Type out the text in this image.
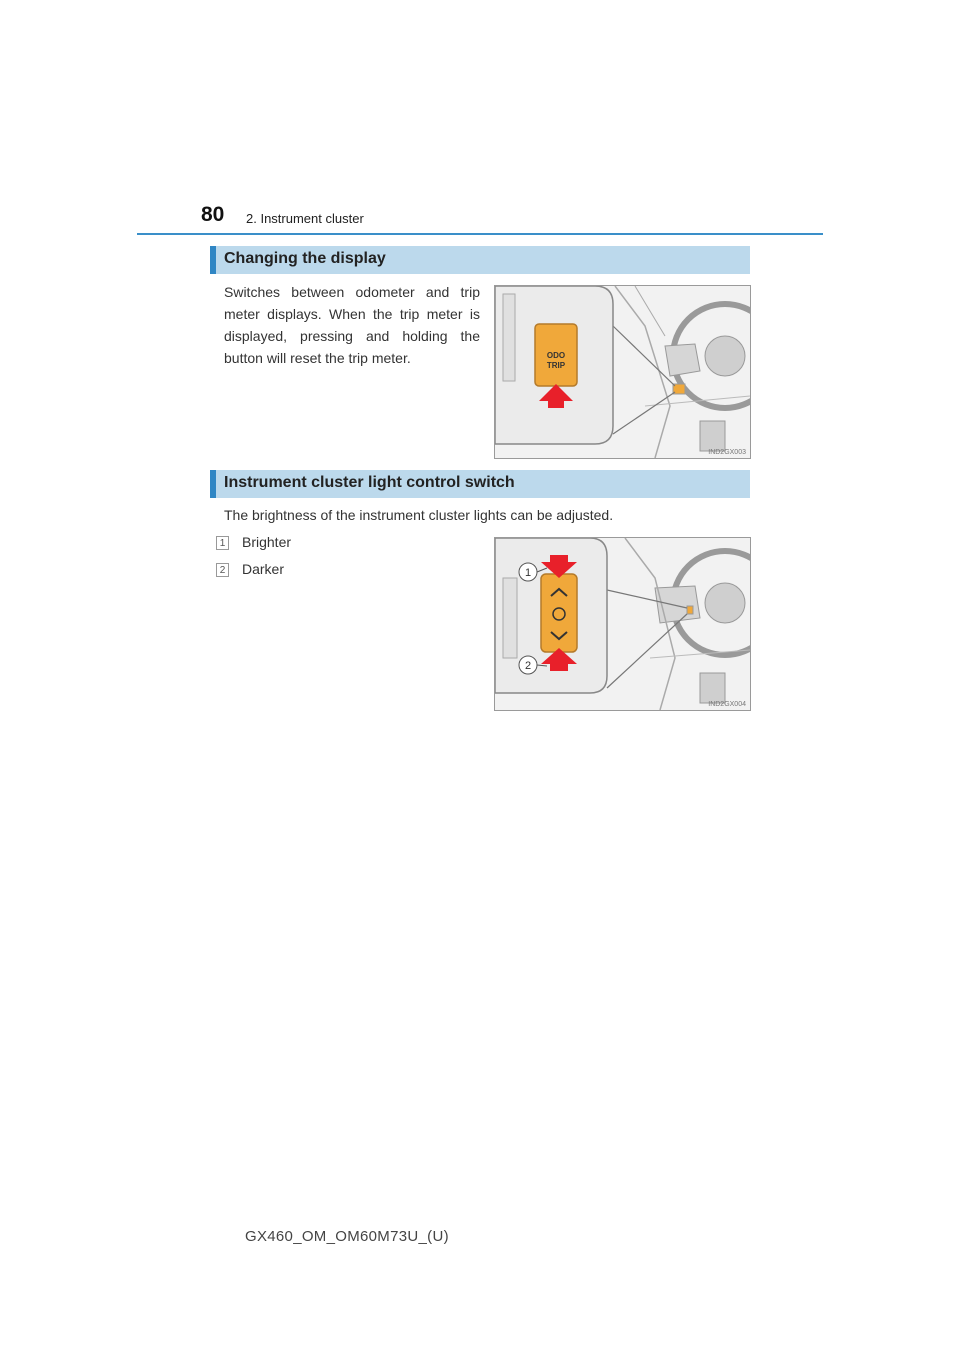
80 2. Instrument cluster
Changing the display
Switches between odometer and trip meter displays. When the trip meter is displayed, pressing and holding the button will reset the trip meter.	ODO
TRIP
IND2GX003
Instrument cluster light control switch
The brightness of the instrument cluster lights can be adjusted.
1 Brighter
2 Darker	1
2
IND2GX004
GX460_OM_OM60M73U_(U)
